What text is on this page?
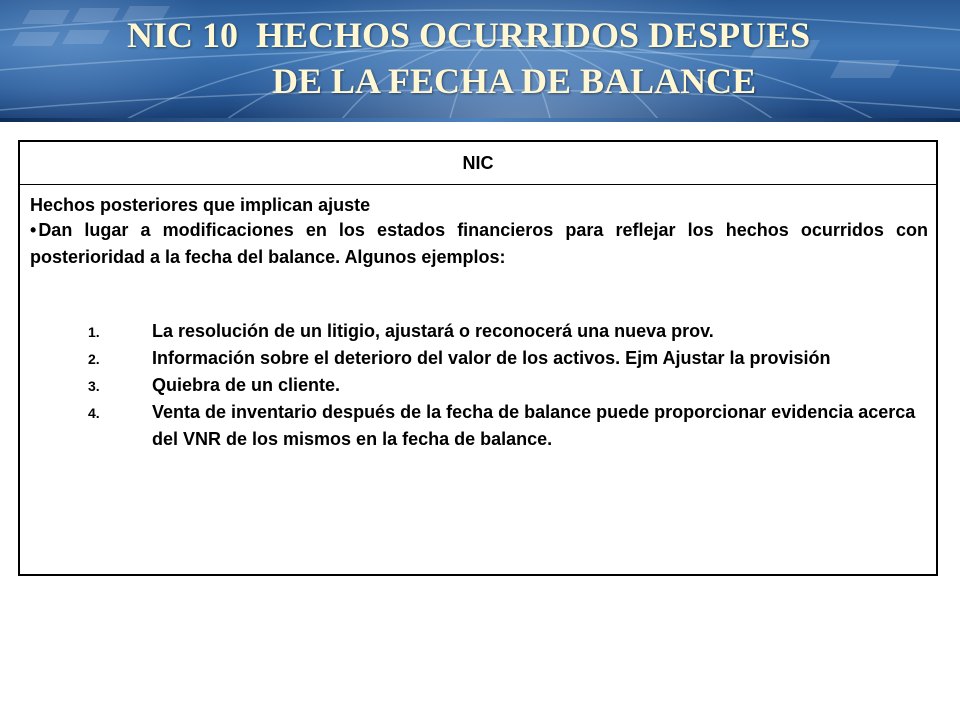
NIC 10  HECHOS OCURRIDOS DESPUES
DE LA FECHA DE BALANCE
NIC
Hechos posteriores que implican ajuste
• Dan lugar a modificaciones en los estados financieros para reflejar los hechos ocurridos con posterioridad a la fecha del balance. Algunos ejemplos:
1.	La resolución de un litigio, ajustará o reconocerá una nueva prov.
2.	Información sobre el deterioro del valor de los activos. Ejm Ajustar la provisión
3.	Quiebra de un cliente.
4.	Venta de inventario después de la fecha de balance puede proporcionar evidencia acerca del VNR de los mismos en la fecha de balance.
